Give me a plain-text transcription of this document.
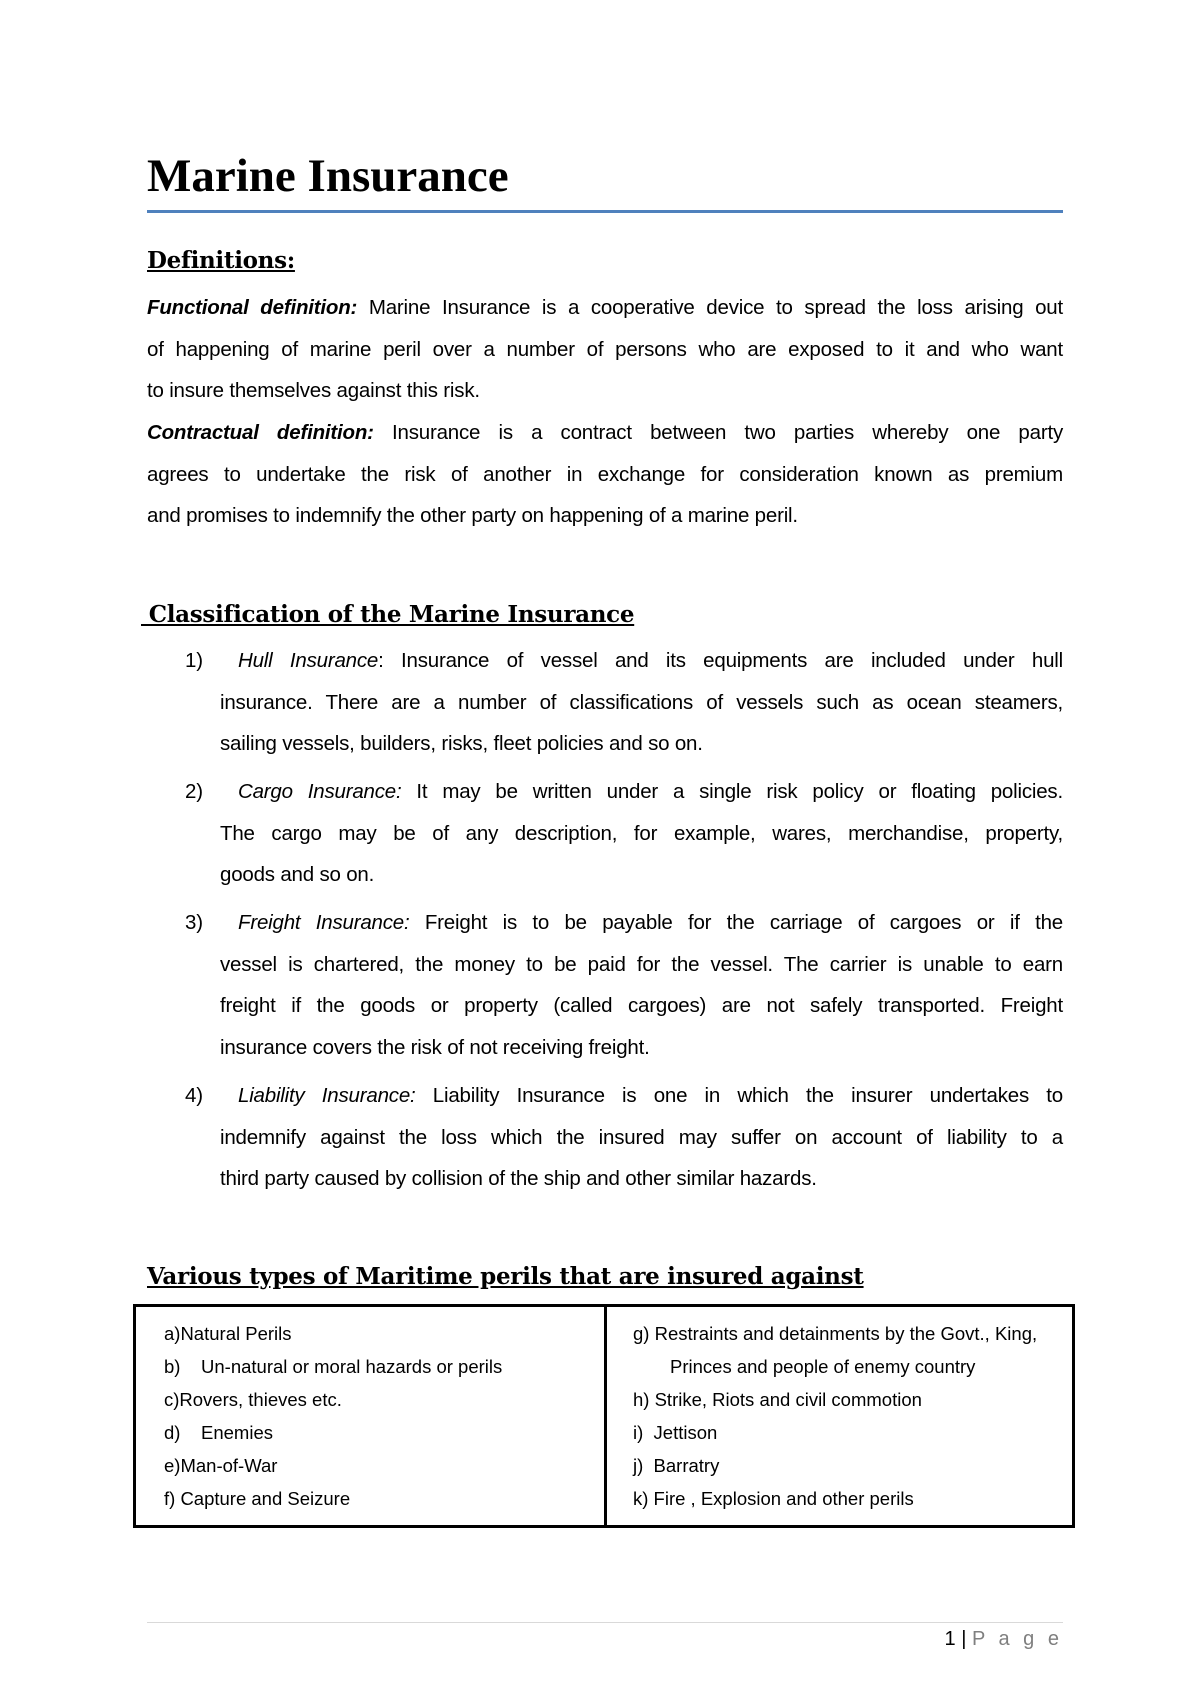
Marine Insurance
Definitions:
Functional definition: Marine Insurance is a cooperative device to spread the loss arising out
of happening of marine peril over a number of persons who are exposed to it and who want
to insure themselves against this risk.
Contractual definition: Insurance is a contract between two parties whereby one party
agrees to undertake the risk of another in exchange for consideration known as premium
and promises to indemnify the other party on happening of a marine peril.
Classification of the Marine Insurance
1)	Hull Insurance: Insurance of vessel and its equipments are included under hull
insurance. There are a number of classifications of vessels such as ocean steamers,
sailing vessels, builders, risks, fleet policies and so on.
2)	Cargo Insurance: It may be written under a single risk policy or floating policies.
The cargo may be of any description, for example, wares, merchandise, property,
goods and so on.
3)	Freight Insurance: Freight is to be payable for the carriage of cargoes or if the
vessel is chartered, the money to be paid for the vessel. The carrier is unable to earn
freight if the goods or property (called cargoes) are not safely transported. Freight
insurance covers the risk of not receiving freight.
4)	Liability Insurance: Liability Insurance is one in which the insurer undertakes to
indemnify against the loss which the insured may suffer on account of liability to a
third party caused by collision of the ship and other similar hazards.
Various types of Maritime perils that are insured against
a)Natural Perils
b)    Un-natural or moral hazards or perils
c)Rovers, thieves etc.
d)    Enemies
e)Man-of-War
f) Capture and Seizure
g) Restraints and detainments by the Govt., King,
Princes and people of enemy country
h) Strike, Riots and civil commotion
i)  Jettison
j)  Barratry
k) Fire , Explosion and other perils
1 | P a g e
